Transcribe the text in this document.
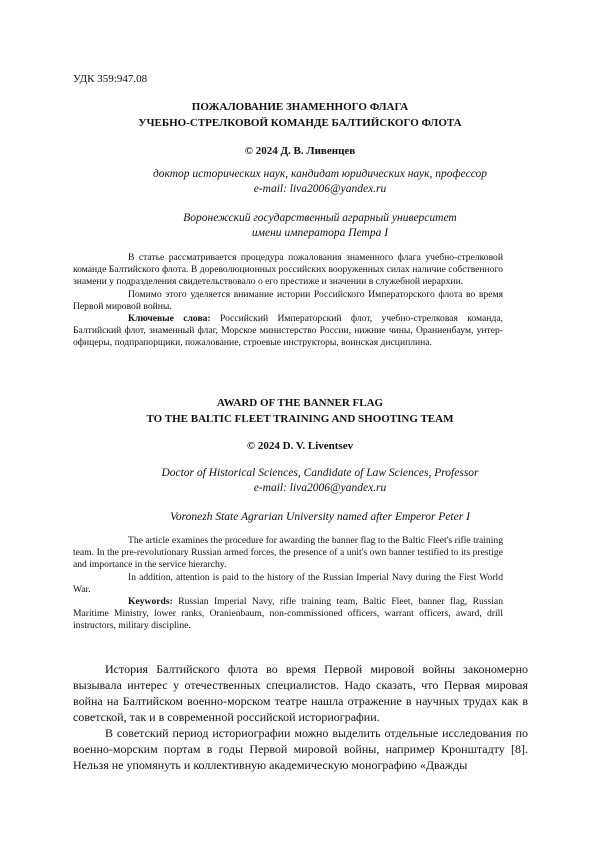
УДК 359:947.08
ПОЖАЛОВАНИЕ ЗНАМЕННОГО ФЛАГА
УЧЕБНО-СТРЕЛКОВОЙ КОМАНДЕ БАЛТИЙСКОГО ФЛОТА
© 2024 Д. В. Ливенцев
доктор исторических наук, кандидат юридических наук, профессор
e-mail: liva2006@yandex.ru
Воронежский государственный аграрный университет
имени императора Петра I

В статье рассматривается процедура пожалования знаменного флага учебно-стрелковой команде Балтийского флота. В дореволюционных российских вооруженных силах наличие собственного знамени у подразделения свидетельствовало о его престиже и значении в служебной иерархии.

Помимо этого уделяется внимание истории Российского Императорского флота во время Первой мировой войны.

Ключевые слова: Российский Императорский флот, учебно-стрелковая команда, Балтийский флот, знаменный флаг, Морское министерство России, нижние чины, Ораниенбаум, унтер-офицеры, подпрапорщики, пожалование, строевые инструкторы, воинская дисциплина.

AWARD OF THE BANNER FLAG
TO THE BALTIC FLEET TRAINING AND SHOOTING TEAM
© 2024 D. V. Liventsev
Doctor of Historical Sciences, Candidate of Law Sciences, Professor
e-mail: liva2006@yandex.ru
Voronezh State Agrarian University named after Emperor Peter I

The article examines the procedure for awarding the banner flag to the Baltic Fleet's rifle training team. In the pre-revolutionary Russian armed forces, the presence of a unit's own banner testified to its prestige and importance in the service hierarchy.

In addition, attention is paid to the history of the Russian Imperial Navy during the First World War.

Keywords: Russian Imperial Navy, rifle training team, Baltic Fleet, banner flag, Russian Maritime Ministry, lower ranks, Oranienbaum, non-commissioned officers, warrant officers, award, drill instructors, military discipline.

История Балтийского флота во время Первой мировой войны закономерно вызывала интерес у отечественных специалистов. Надо сказать, что Первая мировая война на Балтийском военно-морском театре нашла отражение в научных трудах как в советской, так и в современной российской историографии.

В советский период историографии можно выделить отдельные исследования по военно-морским портам в годы Первой мировой войны, например Кронштадту [8]. Нельзя не упомянуть и коллективную академическую монографию «Дважды
